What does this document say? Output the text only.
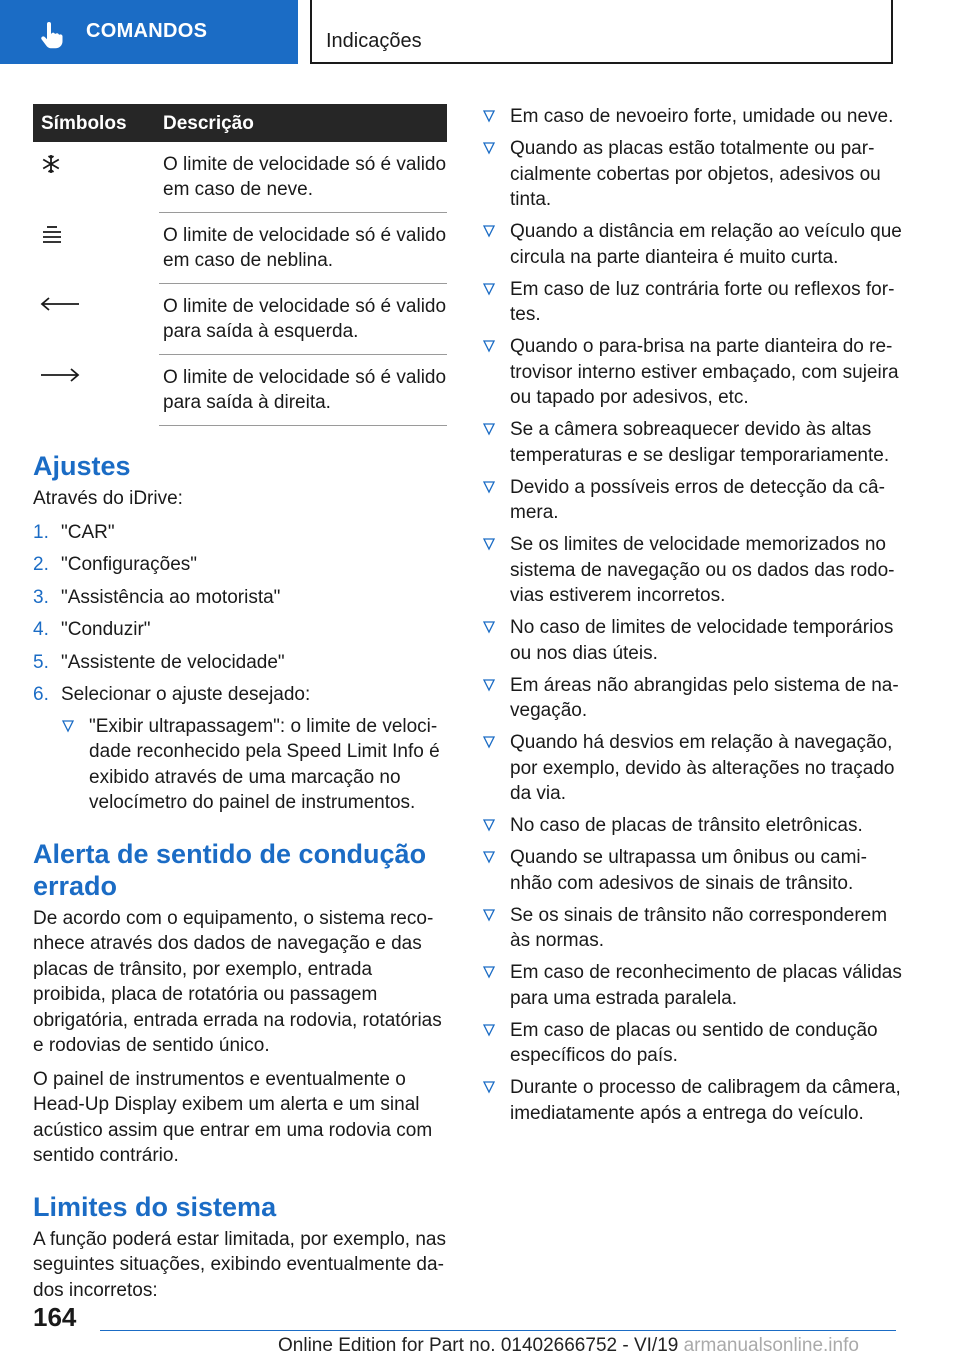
COMANDOS	Indicações
Símbolos	Descrição

	O limite de velocidade só é valido em caso de neve.

	O limite de velocidade só é valido em caso de neblina.

	O limite de velocidade só é valido para saída à esquerda.

	O limite de velocidade só é valido para saída à direita.
Ajustes

Através do iDrive:

1. "CAR"
2. "Configurações"
3. "Assistência ao motorista"
4. "Conduzir"
5. "Assistente de velocidade"
6. Selecionar o ajuste desejado:
"Exibir ultrapassagem": o limite de velocidade reconhecido pela Speed Limit Info é exibido através de uma marcação no velocímetro do painel de instrumentos.
Alerta de sentido de condução errado

De acordo com o equipamento, o sistema reconhece através dos dados de navegação e das placas de trânsito, por exemplo, entrada proibida, placa de rotatória ou passagem obrigatória, entrada errada na rodovia, rotatórias e rodovias de sentido único.

O painel de instrumentos e eventualmente o Head-Up Display exibem um alerta e um sinal acústico assim que entrar em uma rodovia com sentido contrário.

Limites do sistema

A função poderá estar limitada, por exemplo, nas seguintes situações, exibindo eventualmente dados incorretos:

Em caso de nevoeiro forte, umidade ou neve.
Quando as placas estão totalmente ou parcialmente cobertas por objetos, adesivos ou tinta.
Quando a distância em relação ao veículo que circula na parte dianteira é muito curta.
Em caso de luz contrária forte ou reflexos fortes.
Quando o para-brisa na parte dianteira do retrovisor interno estiver embaçado, com sujeira ou tapado por adesivos, etc.
Se a câmera sobreaquecer devido às altas temperaturas e se desligar temporariamente.
Devido a possíveis erros de detecção da câmera.
Se os limites de velocidade memorizados no sistema de navegação ou os dados das rodovias estiverem incorretos.
No caso de limites de velocidade temporários ou nos dias úteis.
Em áreas não abrangidas pelo sistema de navegação.
Quando há desvios em relação à navegação, por exemplo, devido às alterações no traçado da via.
No caso de placas de trânsito eletrônicas.
Quando se ultrapassa um ônibus ou caminhão com adesivos de sinais de trânsito.
Se os sinais de trânsito não corresponderem às normas.
Em caso de reconhecimento de placas válidas para uma estrada paralela.
Em caso de placas ou sentido de condução específicos do país.
Durante o processo de calibragem da câmera, imediatamente após a entrega do veículo.
164
Online Edition for Part no. 01402666752 - VI/19 armanualsonline.info
